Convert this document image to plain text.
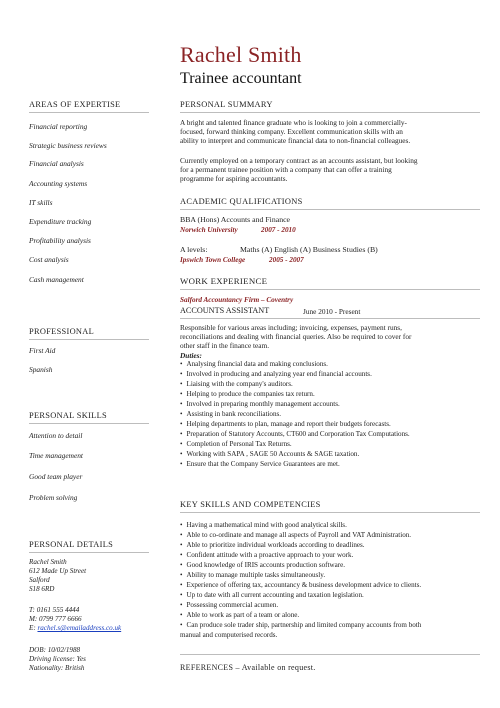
Rachel Smith
Trainee accountant
AREAS OF EXPERTISE
Financial reporting
Strategic business reviews
Financial analysis
Accounting systems
IT skills
Expenditure tracking
Profitability analysis
Cost analysis
Cash management
PROFESSIONAL
First Aid
Spanish
PERSONAL SKILLS
Attention to detail
Time management
Good team player
Problem solving
PERSONAL DETAILS
Rachel Smith
612 Made Up Street
Salford
S18 6RD
T: 0161 555 4444
M: 0799 777 6666
E: rachel.s@emailaddress.co.uk
DOB: 10/02/1988
Driving license: Yes
Nationality: British
PERSONAL SUMMARY
A bright and talented finance graduate who is looking to join a commercially-
focused, forward thinking company. Excellent communication skills with an
ability to interpret and communicate financial data to non-financial colleagues.
Currently employed on a temporary contract as an accounts assistant, but looking
for a permanent trainee position with a company that can offer a training
programme for aspiring accountants.
ACADEMIC QUALIFICATIONS
BBA (Hons) Accounts and Finance
Norwich University	2007 - 2010
A levels:	Maths (A) English (A) Business Studies (B)
Ipswich Town College	2005 - 2007
WORK EXPERIENCE
Salford Accountancy Firm – Coventry
ACCOUNTS ASSISTANT	June 2010 - Present
Responsible for various areas including; invoicing, expenses, payment runs,
reconciliations and dealing with financial queries. Also be required to cover for
other staff in the finance team.
Duties:
• Analysing financial data and making conclusions.
• Involved in producing and analyzing year end financial accounts.
• Liaising with the company's auditors.
• Helping to produce the companies tax return.
• Involved in preparing monthly management accounts.
• Assisting in bank reconciliations.
• Helping departments to plan, manage and report their budgets forecasts.
• Preparation of Statutory Accounts, CT600 and Corporation Tax Computations.
• Completion of Personal Tax Returns.
• Working with SAPA , SAGE 50 Accounts & SAGE taxation.
• Ensure that the Company Service Guarantees are met.
KEY SKILLS AND COMPETENCIES
• Having a mathematical mind with good analytical skills.
• Able to co-ordinate and manage all aspects of Payroll and VAT Administration.
• Able to prioritize individual workloads according to deadlines.
• Confident attitude with a proactive approach to your work.
• Good knowledge of IRIS accounts production software.
• Ability to manage multiple tasks simultaneously.
• Experience of offering tax, accountancy & business development advice to clients.
• Up to date with all current accounting and taxation legislation.
• Possessing commercial acumen.
• Able to work as part of a team or alone.
• Can produce sole trader ship, partnership and limited company accounts from both
manual and computerised records.
REFERENCES – Available on request.
